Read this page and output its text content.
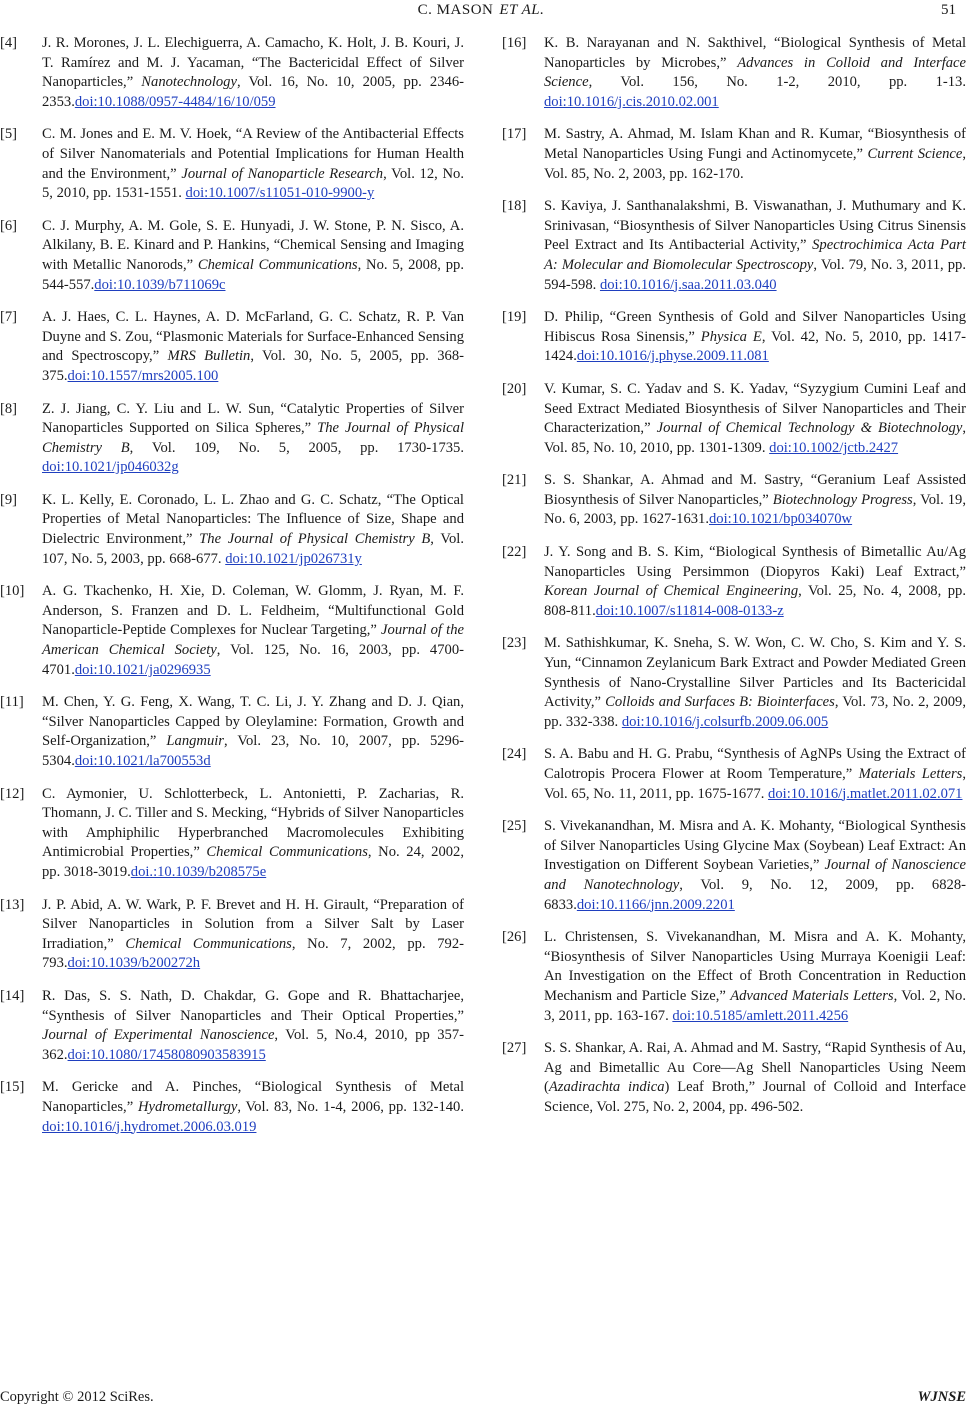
C. MASON ET AL.	51
[4] J. R. Morones, J. L. Elechiguerra, A. Camacho, K. Holt, J. B. Kouri, J. T. Ramírez and M. J. Yacaman, “The Bactericidal Effect of Silver Nanoparticles,” Nanotechnology, Vol. 16, No. 10, 2005, pp. 2346-2353.doi:10.1088/0957-4484/16/10/059
[5] C. M. Jones and E. M. V. Hoek, “A Review of the Antibacterial Effects of Silver Nanomaterials and Potential Implications for Human Health and the Environment,” Journal of Nanoparticle Research, Vol. 12, No. 5, 2010, pp. 1531-1551. doi:10.1007/s11051-010-9900-y
[6] C. J. Murphy, A. M. Gole, S. E. Hunyadi, J. W. Stone, P. N. Sisco, A. Alkilany, B. E. Kinard and P. Hankins, “Chemical Sensing and Imaging with Metallic Nanorods,” Chemical Communications, No. 5, 2008, pp. 544-557.doi:10.1039/b711069c
[7] A. J. Haes, C. L. Haynes, A. D. McFarland, G. C. Schatz, R. P. Van Duyne and S. Zou, “Plasmonic Materials for Surface-Enhanced Sensing and Spectroscopy,” MRS Bulletin, Vol. 30, No. 5, 2005, pp. 368-375.doi:10.1557/mrs2005.100
[8] Z. J. Jiang, C. Y. Liu and L. W. Sun, “Catalytic Properties of Silver Nanoparticles Supported on Silica Spheres,” The Journal of Physical Chemistry B, Vol. 109, No. 5, 2005, pp. 1730-1735. doi:10.1021/jp046032g
[9] K. L. Kelly, E. Coronado, L. L. Zhao and G. C. Schatz, “The Optical Properties of Metal Nanoparticles: The Influence of Size, Shape and Dielectric Environment,” The Journal of Physical Chemistry B, Vol. 107, No. 5, 2003, pp. 668-677. doi:10.1021/jp026731y
[10] A. G. Tkachenko, H. Xie, D. Coleman, W. Glomm, J. Ryan, M. F. Anderson, S. Franzen and D. L. Feldheim, “Multifunctional Gold Nanoparticle-Peptide Complexes for Nuclear Targeting,” Journal of the American Chemical Society, Vol. 125, No. 16, 2003, pp. 4700-4701.doi:10.1021/ja0296935
[11] M. Chen, Y. G. Feng, X. Wang, T. C. Li, J. Y. Zhang and D. J. Qian, “Silver Nanoparticles Capped by Oleylamine: Formation, Growth and Self-Organization,” Langmuir, Vol. 23, No. 10, 2007, pp. 5296-5304.doi:10.1021/la700553d
[12] C. Aymonier, U. Schlotterbeck, L. Antonietti, P. Zacharias, R. Thomann, J. C. Tiller and S. Mecking, “Hybrids of Silver Nanoparticles with Amphiphilic Hyperbranched Macromolecules Exhibiting Antimicrobial Properties,” Chemical Communications, No. 24, 2002, pp. 3018-3019.doi.:10.1039/b208575e
[13] J. P. Abid, A. W. Wark, P. F. Brevet and H. H. Girault, “Preparation of Silver Nanoparticles in Solution from a Silver Salt by Laser Irradiation,” Chemical Communications, No. 7, 2002, pp. 792-793.doi:10.1039/b200272h
[14] R. Das, S. S. Nath, D. Chakdar, G. Gope and R. Bhattacharjee, “Synthesis of Silver Nanoparticles and Their Optical Properties,” Journal of Experimental Nanoscience, Vol. 5, No.4, 2010, pp 357-362.doi:10.1080/17458080903583915
[15] M. Gericke and A. Pinches, “Biological Synthesis of Metal Nanoparticles,” Hydrometallurgy, Vol. 83, No. 1-4, 2006, pp. 132-140. doi:10.1016/j.hydromet.2006.03.019
[16] K. B. Narayanan and N. Sakthivel, “Biological Synthesis of Metal Nanoparticles by Microbes,” Advances in Colloid and Interface Science, Vol. 156, No. 1-2, 2010, pp. 1-13. doi:10.1016/j.cis.2010.02.001
[17] M. Sastry, A. Ahmad, M. Islam Khan and R. Kumar, “Biosynthesis of Metal Nanoparticles Using Fungi and Actinomycete,” Current Science, Vol. 85, No. 2, 2003, pp. 162-170.
[18] S. Kaviya, J. Santhanalakshmi, B. Viswanathan, J. Muthumary and K. Srinivasan, “Biosynthesis of Silver Nanoparticles Using Citrus Sinensis Peel Extract and Its Antibacterial Activity,” Spectrochimica Acta Part A: Molecular and Biomolecular Spectroscopy, Vol. 79, No. 3, 2011, pp. 594-598. doi:10.1016/j.saa.2011.03.040
[19] D. Philip, “Green Synthesis of Gold and Silver Nanoparticles Using Hibiscus Rosa Sinensis,” Physica E, Vol. 42, No. 5, 2010, pp. 1417-1424.doi:10.1016/j.physe.2009.11.081
[20] V. Kumar, S. C. Yadav and S. K. Yadav, “Syzygium Cumini Leaf and Seed Extract Mediated Biosynthesis of Silver Nanoparticles and Their Characterization,” Journal of Chemical Technology & Biotechnology, Vol. 85, No. 10, 2010, pp. 1301-1309. doi:10.1002/jctb.2427
[21] S. S. Shankar, A. Ahmad and M. Sastry, “Geranium Leaf Assisted Biosynthesis of Silver Nanoparticles,” Biotechnology Progress, Vol. 19, No. 6, 2003, pp. 1627-1631.doi:10.1021/bp034070w
[22] J. Y. Song and B. S. Kim, “Biological Synthesis of Bimetallic Au/Ag Nanoparticles Using Persimmon (Diopyros Kaki) Leaf Extract,” Korean Journal of Chemical Engineering, Vol. 25, No. 4, 2008, pp. 808-811.doi:10.1007/s11814-008-0133-z
[23] M. Sathishkumar, K. Sneha, S. W. Won, C. W. Cho, S. Kim and Y. S. Yun, “Cinnamon Zeylanicum Bark Extract and Powder Mediated Green Synthesis of Nano-Crystalline Silver Particles and Its Bactericidal Activity,” Colloids and Surfaces B: Biointerfaces, Vol. 73, No. 2, 2009, pp. 332-338. doi:10.1016/j.colsurfb.2009.06.005
[24] S. A. Babu and H. G. Prabu, “Synthesis of AgNPs Using the Extract of Calotropis Procera Flower at Room Temperature,” Materials Letters, Vol. 65, No. 11, 2011, pp. 1675-1677. doi:10.1016/j.matlet.2011.02.071
[25] S. Vivekanandhan, M. Misra and A. K. Mohanty, “Biological Synthesis of Silver Nanoparticles Using Glycine Max (Soybean) Leaf Extract: An Investigation on Different Soybean Varieties,” Journal of Nanoscience and Nanotechnology, Vol. 9, No. 12, 2009, pp. 6828-6833.doi:10.1166/jnn.2009.2201
[26] L. Christensen, S. Vivekanandhan, M. Misra and A. K. Mohanty, “Biosynthesis of Silver Nanoparticles Using Murraya Koenigii Leaf: An Investigation on the Effect of Broth Concentration in Reduction Mechanism and Particle Size,” Advanced Materials Letters, Vol. 2, No. 3, 2011, pp. 163-167. doi:10.5185/amlett.2011.4256
[27] S. S. Shankar, A. Rai, A. Ahmad and M. Sastry, “Rapid Synthesis of Au, Ag and Bimetallic Au Core—Ag Shell Nanoparticles Using Neem (Azadirachta indica) Leaf Broth,” Journal of Colloid and Interface Science, Vol. 275, No. 2, 2004, pp. 496-502.
Copyright © 2012 SciRes.	WJNSE
